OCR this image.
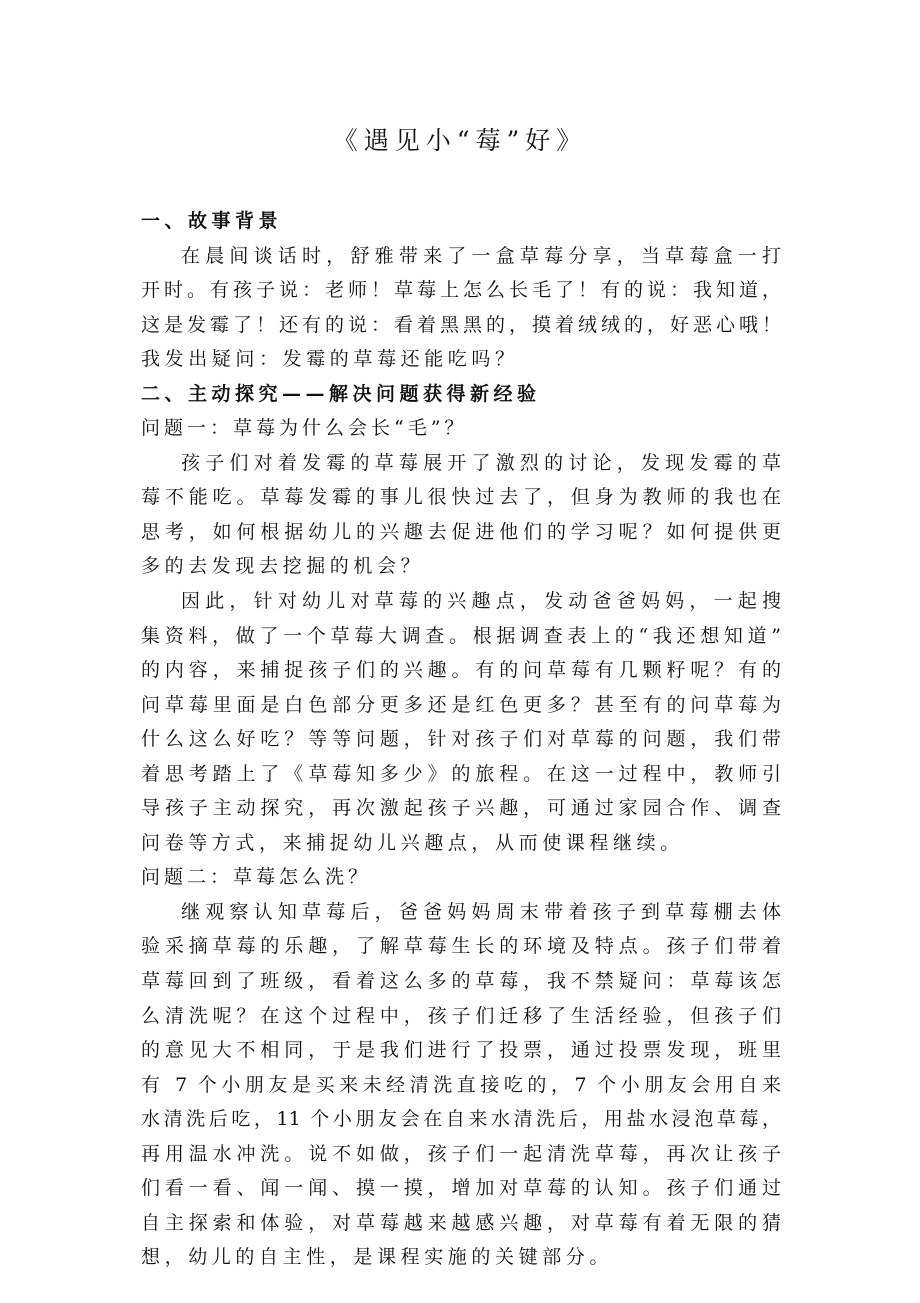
《遇见小“莓”好》
一、故事背景
在晨间谈话时，舒雅带来了一盒草莓分享，当草莓盒一打
开时。有孩子说：老师！草莓上怎么长毛了！有的说：我知道，
这是发霉了！还有的说：看着黑黑的，摸着绒绒的，好恶心哦！
我发出疑问：发霉的草莓还能吃吗？
二、主动探究——解决问题获得新经验
问题一：草莓为什么会长“毛”？
孩子们对着发霉的草莓展开了激烈的讨论，发现发霉的草
莓不能吃。草莓发霉的事儿很快过去了，但身为教师的我也在
思考，如何根据幼儿的兴趣去促进他们的学习呢？如何提供更
多的去发现去挖掘的机会？
因此，针对幼儿对草莓的兴趣点，发动爸爸妈妈，一起搜
集资料，做了一个草莓大调查。根据调查表上的“我还想知道”
的内容，来捕捉孩子们的兴趣。有的问草莓有几颗籽呢？有的
问草莓里面是白色部分更多还是红色更多？甚至有的问草莓为
什么这么好吃？等等问题，针对孩子们对草莓的问题，我们带
着思考踏上了《草莓知多少》的旅程。在这一过程中，教师引
导孩子主动探究，再次激起孩子兴趣，可通过家园合作、调查
问卷等方式，来捕捉幼儿兴趣点，从而使课程继续。
问题二：草莓怎么洗？
继观察认知草莓后，爸爸妈妈周末带着孩子到草莓棚去体
验采摘草莓的乐趣，了解草莓生长的环境及特点。孩子们带着
草莓回到了班级，看着这么多的草莓，我不禁疑问：草莓该怎
么清洗呢？在这个过程中，孩子们迁移了生活经验，但孩子们
的意见大不相同，于是我们进行了投票，通过投票发现，班里
有 7 个小朋友是买来未经清洗直接吃的，7 个小朋友会用自来
水清洗后吃，11 个小朋友会在自来水清洗后，用盐水浸泡草莓，
再用温水冲洗。说不如做，孩子们一起清洗草莓，再次让孩子
们看一看、闻一闻、摸一摸，增加对草莓的认知。孩子们通过
自主探索和体验，对草莓越来越感兴趣，对草莓有着无限的猜
想，幼儿的自主性，是课程实施的关键部分。
